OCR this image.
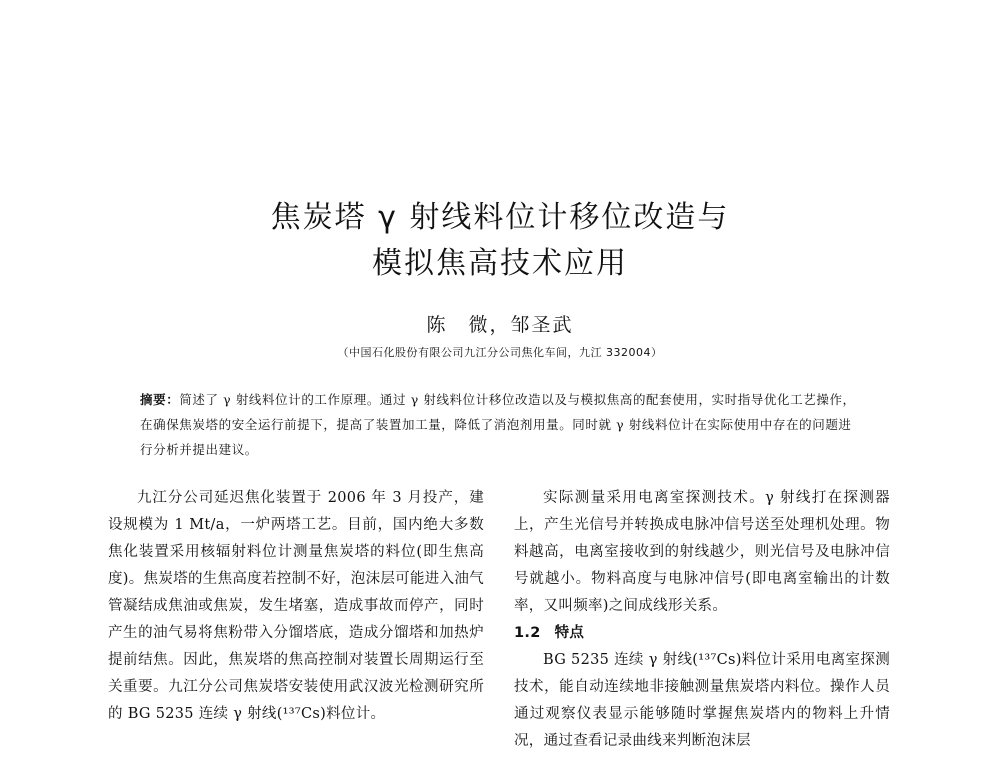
焦炭塔 γ 射线料位计移位改造与
模拟焦高技术应用
陈　微，邹圣武
（中国石化股份有限公司九江分公司焦化车间，九江 332004）
摘要：简述了 γ 射线料位计的工作原理。通过 γ 射线料位计移位改造以及与模拟焦高的配套使用，实时指导优化工艺操作，在确保焦炭塔的安全运行前提下，提高了装置加工量，降低了消泡剂用量。同时就 γ 射线料位计在实际使用中存在的问题进行分析并提出建议。

九江分公司延迟焦化装置于 2006 年 3 月投产，建设规模为 1 Mt/a，一炉两塔工艺。目前，国内绝大多数焦化装置采用核辐射料位计测量焦炭塔的料位(即生焦高度)。焦炭塔的生焦高度若控制不好，泡沫层可能进入油气管凝结成焦油或焦炭，发生堵塞，造成事故而停产，同时产生的油气易将焦粉带入分馏塔底，造成分馏塔和加热炉提前结焦。因此，焦炭塔的焦高控制对装置长周期运行至关重要。九江分公司焦炭塔安装使用武汉波光检测研究所的 BG 5235 连续 γ 射线(¹³⁷Cs)料位计。

实际测量采用电离室探测技术。γ 射线打在探测器上，产生光信号并转换成电脉冲信号送至处理机处理。物料越高，电离室接收到的射线越少，则光信号及电脉冲信号就越小。物料高度与电脉冲信号(即电离室输出的计数率，又叫频率)之间成线形关系。

1.2 特点

BG 5235 连续 γ 射线(¹³⁷Cs)料位计采用电离室探测技术，能自动连续地非接触测量焦炭塔内料位。操作人员通过观察仪表显示能够随时掌握焦炭塔内的物料上升情况，通过查看记录曲线来判断泡沫层
